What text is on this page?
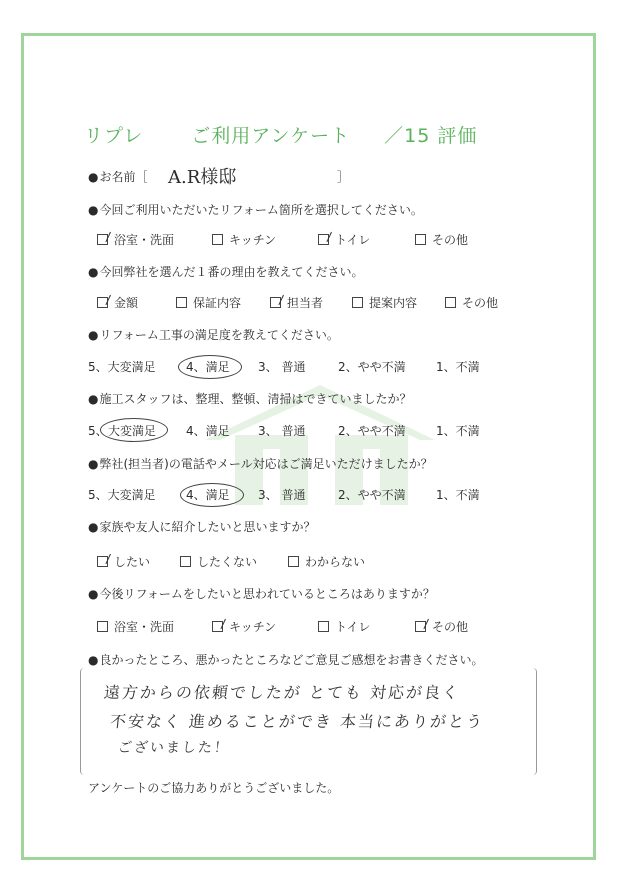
リプレ	ご利用アンケート ／15 評価
● お名前［ A.R様邸	］
● 今回ご利用いただいたリフォーム箇所を選択してください。
浴室・洗面	キッチン	トイレ	その他
● 今回弊社を選んだ１番の理由を教えてください。
金額	保証内容	担当者	提案内容	その他
● リフォーム工事の満足度を教えてください。
5、大変満足	4、満足 3、 普通	2、やや不満	1、不満
● 施工スタッフは、整理、整頓、清掃はできていましたか？
5、 大変満足 4、満足 3、 普通	2、やや不満	1、不満
● 弊社(担当者)の電話やメール対応はご満足いただけましたか？
5、大変満足	4、満足 3、 普通	2、やや不満	1、不満
● 家族や友人に紹介したいと思いますか？
したい	したくない	わからない
● 今後リフォームをしたいと思われているところはありますか？
浴室・洗面	キッチン	トイレ	その他
● 良かったところ、悪かったところなどご意見ご感想をお書きください。
遠方からの依頼でしたが とても 対応が良く
不安なく 進めることができ 本当にありがとう
ございました！
アンケートのご協力ありがとうございました。
